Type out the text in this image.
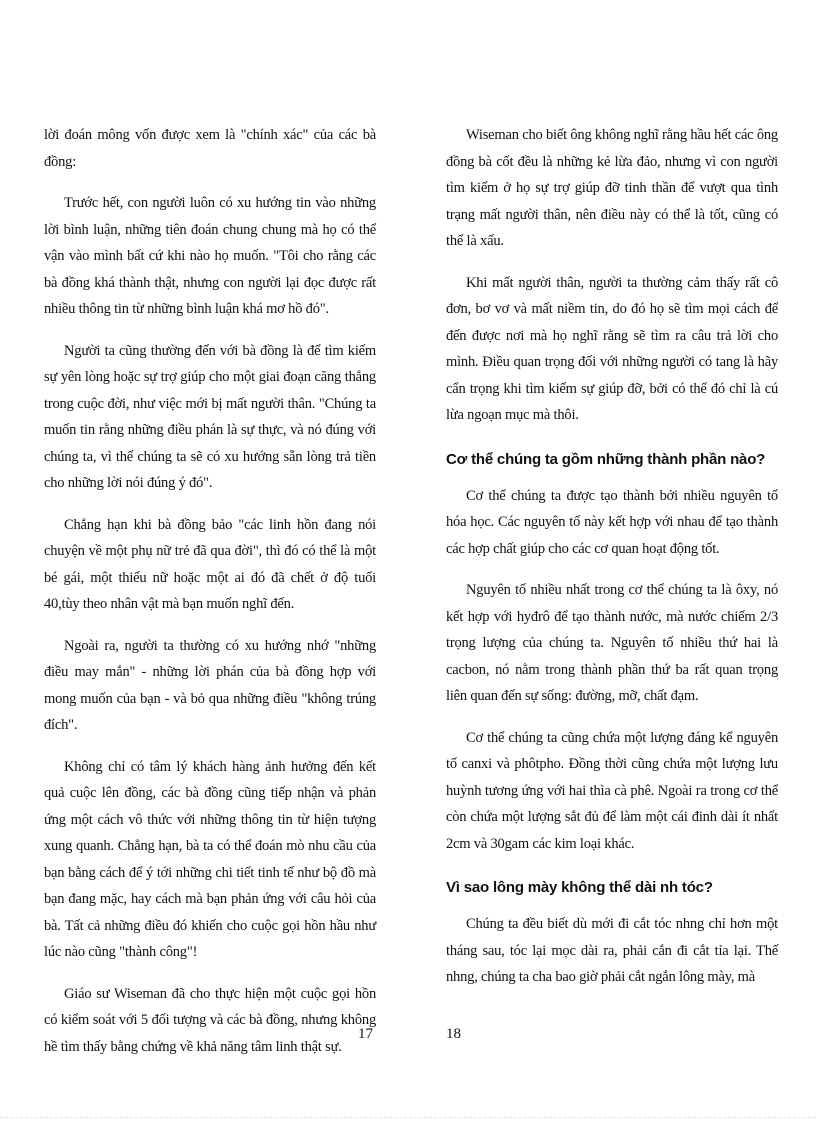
lời đoán mông vốn được xem là "chính xác" của các bà đồng:

Trước hết, con người luôn có xu hướng tin vào những lời bình luận, những tiên đoán chung chung mà họ có thể vận vào mình bất cứ khi nào họ muốn. "Tôi cho rằng các bà đồng khá thành thật, nhưng con người lại đọc được rất nhiều thông tin từ những bình luận khá mơ hồ đó".

Người ta cũng thường đến với bà đồng là để tìm kiếm sự yên lòng hoặc sự trợ giúp cho một giai đoạn căng thẳng trong cuộc đời, như việc mới bị mất người thân. "Chúng ta muốn tin rằng những điều phán là sự thực, và nó đúng với chúng ta, vì thế chúng ta sẽ có xu hướng sẵn lòng trả tiền cho những lời nói đúng ý đó".

Chẳng hạn khi bà đồng bảo "các linh hồn đang nói chuyện về một phụ nữ trẻ đã qua đời", thì đó có thể là một bé gái, một thiếu nữ hoặc một ai đó đã chết ở độ tuổi 40,tùy theo nhân vật mà bạn muốn nghĩ đến.

Ngoài ra, người ta thường có xu hướng nhớ "những điều may mắn" - những lời phán của bà đồng hợp với mong muốn của bạn - và bỏ qua những điều "không trúng đích".

Không chỉ có tâm lý khách hàng ảnh hưởng đến kết quả cuộc lên đồng, các bà đồng cũng tiếp nhận và phản ứng một cách vô thức với những thông tin từ hiện tượng xung quanh. Chẳng hạn, bà ta có thể đoán mò nhu cầu của bạn bằng cách để ý tới những chi tiết tinh tế như bộ đồ mà bạn đang mặc, hay cách mà bạn phản ứng với câu hỏi của bà. Tất cả những điều đó khiến cho cuộc gọi hồn hầu như lúc nào cũng "thành công"!

Giáo sư Wiseman đã cho thực hiện một cuộc gọi hồn có kiểm soát với 5 đối tượng và các bà đồng, nhưng không hề tìm thấy bằng chứng về khả năng tâm linh thật sự.

Wiseman cho biết ông không nghĩ rằng hầu hết các ông đồng bà cốt đều là những kẻ lừa đảo, nhưng vì con người tìm kiếm ở họ sự trợ giúp đỡ tinh thần để vượt qua tình trạng mất người thân, nên điều này có thể là tốt, cũng có thể là xấu.

Khi mất người thân, người ta thường cảm thấy rất cô đơn, bơ vơ và mất niềm tin, do đó họ sẽ tìm mọi cách để đến được nơi mà họ nghĩ rằng sẽ tìm ra câu trả lời cho mình. Điều quan trọng đối với những người có tang là hãy cẩn trọng khi tìm kiếm sự giúp đỡ, bởi có thể đó chỉ là cú lừa ngoạn mục mà thôi.

Cơ thể chúng ta gồm những thành phần nào?

Cơ thể chúng ta được tạo thành bởi nhiều nguyên tố hóa học. Các nguyên tố này kết hợp với nhau để tạo thành các hợp chất giúp cho các cơ quan hoạt động tốt.

Nguyên tố nhiều nhất trong cơ thể chúng ta là ôxy, nó kết hợp với hyđrô để tạo thành nước, mà nước chiếm 2/3 trọng lượng của chúng ta. Nguyên tố nhiều thứ hai là cacbon, nó nằm trong thành phần thứ ba rất quan trọng liên quan đến sự sống: đường, mỡ, chất đạm.

Cơ thể chúng ta cũng chứa một lượng đáng kể nguyên tố canxi và phôtpho. Đồng thời cũng chứa một lượng lưu huỳnh tương ứng với hai thìa cà phê. Ngoài ra trong cơ thể còn chứa một lượng sắt đủ để làm một cái đinh dài ít nhất 2cm và 30gam các kim loại khác.

Vì sao lông mày không thể dài nh tóc?

Chúng ta đều biết dù mới đi cắt tóc nhng chỉ hơn một tháng sau, tóc lại mọc dài ra, phải cắn đi cắt tỉa lại. Thế nhng, chúng ta cha bao giờ phải cắt ngắn lông mày, mà

17	18
